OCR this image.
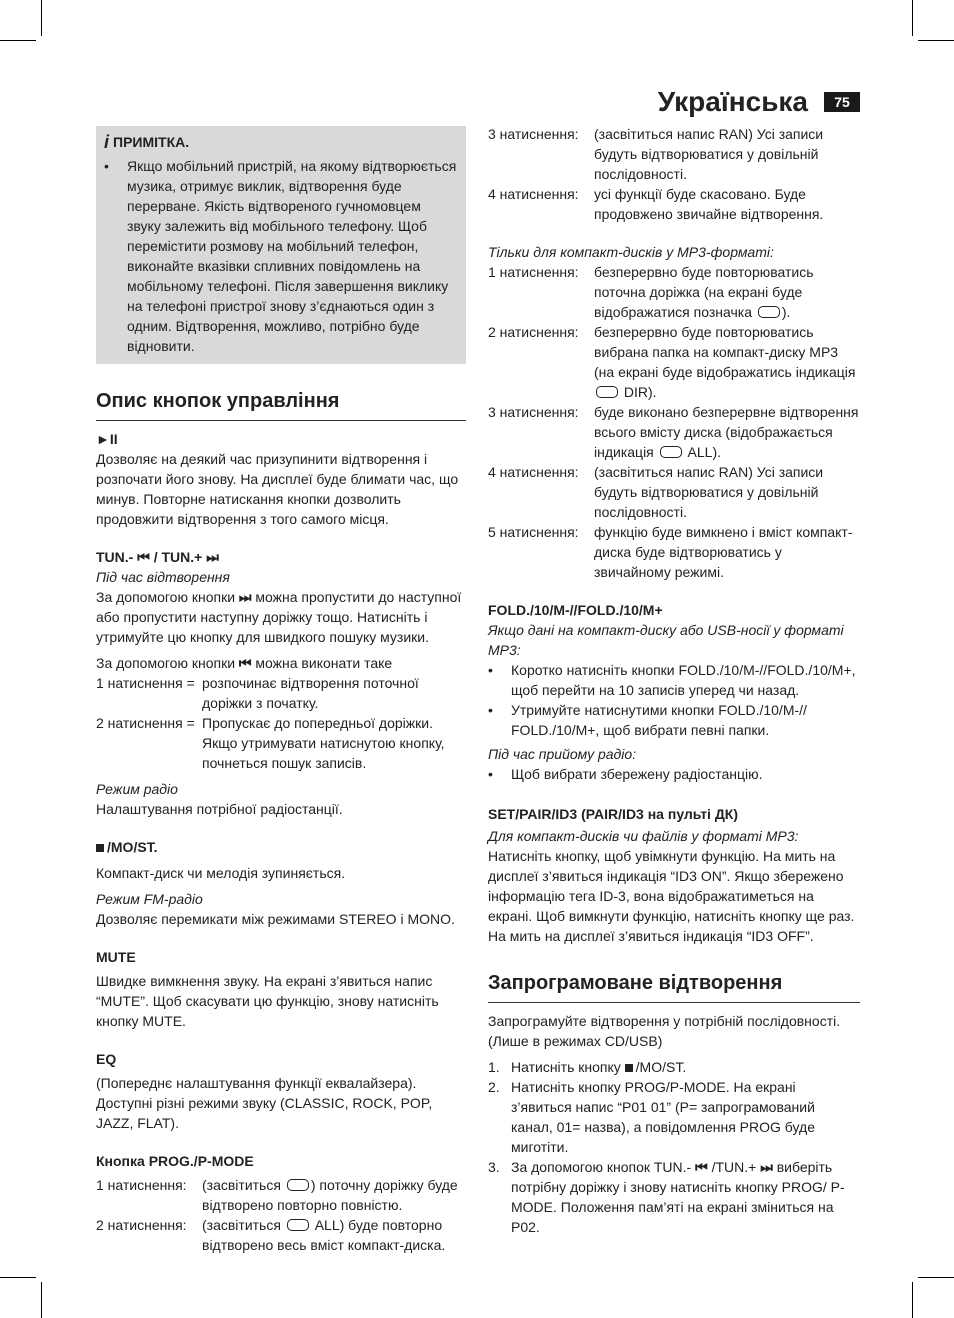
Українська	75
i ПРИМІТКА.
•	Якщо мобільний пристрій, на якому відтворюється музика, отримує виклик, відтворення буде перерване. Якість відтвореного гучномовцем звуку залежить від мобільного телефону. Щоб перемістити розмову на мобільний телефон, виконайте вказівки спливних повідомлень на мобільному телефоні. Після завершення виклику на телефоні пристрої знову з’єднаються один з одним. Відтворення, можливо, потрібно буде відновити.

Опис кнопок управління

►II

Дозволяє на деякий час призупинити відтворення і розпочати його знову. На дисплеї буде блимати час, що минув. Повторне натискання кнопки дозволить продовжити відтворення з того самого місця.

TUN.- ⏮ / TUN.+ ⏭

Під час відтворення

За допомогою кнопки ⏭ можна пропустити до наступної або пропустити наступну доріжку тощо. Натисніть і утримуйте цю кнопку для швидкого пошуку музики.

За допомогою кнопки ⏮ можна виконати таке

1 натиснення = розпочинає відтворення поточної доріжки з початку.
2 натиснення = Пропускає до попередньої доріжки. Якщо утримувати натиснутою кнопку, почнеться пошук записів.

Режим радіо

Налаштування потрібної радіостанції.

/MO/ST.

Компакт-диск чи мелодія зупиняється.

Режим FM-радіо

Дозволяє перемикати між режимами STEREO і MONO.

MUTE

Швидке вимкнення звуку. На екрані з’явиться напис “MUTE”. Щоб скасувати цю функцію, знову натисніть кнопку MUTE.

EQ

(Попереднє налаштування функції еквалайзера). Доступні різні режими звуку (CLASSIC, ROCK, POP, JAZZ, FLAT).

Кнопка PROG./P-MODE

1 натиснення:	(засвітиться ) поточну доріжку буде відтворено повторно повністю.
2 натиснення:	(засвітиться  ALL) буде повторно відтворено весь вміст компакт-диска.
3 натиснення:	(засвітиться напис RAN) Усі записи будуть відтворюватися у довільній послідовності.
4 натиснення:	усі функції буде скасовано. Буде продовжено звичайне відтворення.

Тільки для компакт-дисків у MP3-форматі:

1 натиснення:	безперервно буде повторюватись поточна доріжка (на екрані буде відображатися позначка ).
2 натиснення:	безперервно буде повторюватись вибрана папка на компакт-диску MP3 (на екрані буде відображатись індикація  DIR).
3 натиснення:	буде виконано безперервне відтворення всього вмісту диска (відображається індикація  ALL).
4 натиснення:	(засвітиться напис RAN) Усі записи будуть відтворюватися у довільній послідовності.
5 натиснення:	функцію буде вимкнено і вміст компакт-диска буде відтворюватись у звичайному режимі.

FOLD./10/M-//FOLD./10/M+

Якщо дані на компакт-диску або USB-носії у форматі MP3:

•	Коротко натисніть кнопки FOLD./10/M-//FOLD./10/M+, щоб перейти на 10 записів уперед чи назад.
•	Утримуйте натиснутими кнопки FOLD./10/M-// FOLD./10/M+, щоб вибрати певні папки.

Під час прийому радіо:

•	Щоб вибрати збережену радіостанцію.

SET/PAIR/ID3 (PAIR/ID3 на пульті ДК)

Для компакт-дисків чи файлів у форматі MP3:

Натисніть кнопку, щоб увімкнути функцію. На мить на дисплеї з’явиться індикація “ID3 ON”. Якщо збережено інформацію тега ID-3, вона відображатиметься на екрані. Щоб вимкнути функцію, натисніть кнопку ще раз. На мить на дисплеї з’явиться індикація “ID3 OFF”.

Запрограмоване відтворення

Запрограмуйте відтворення у потрібній послідовності. (Лише в режимах CD/USB)

1. Натисніть кнопку /MO/ST.
2. Натисніть кнопку PROG/P-MODE. На екрані з’явиться напис “P01 01” (P= запрограмований канал, 01= назва), а повідомлення PROG буде миготіти.
3. За допомогою кнопок TUN.- ⏮ /TUN.+ ⏭ виберіть потрібну доріжку і знову натисніть кнопку PROG/ P-MODE. Положення пам’яті на екрані зміниться на P02.
